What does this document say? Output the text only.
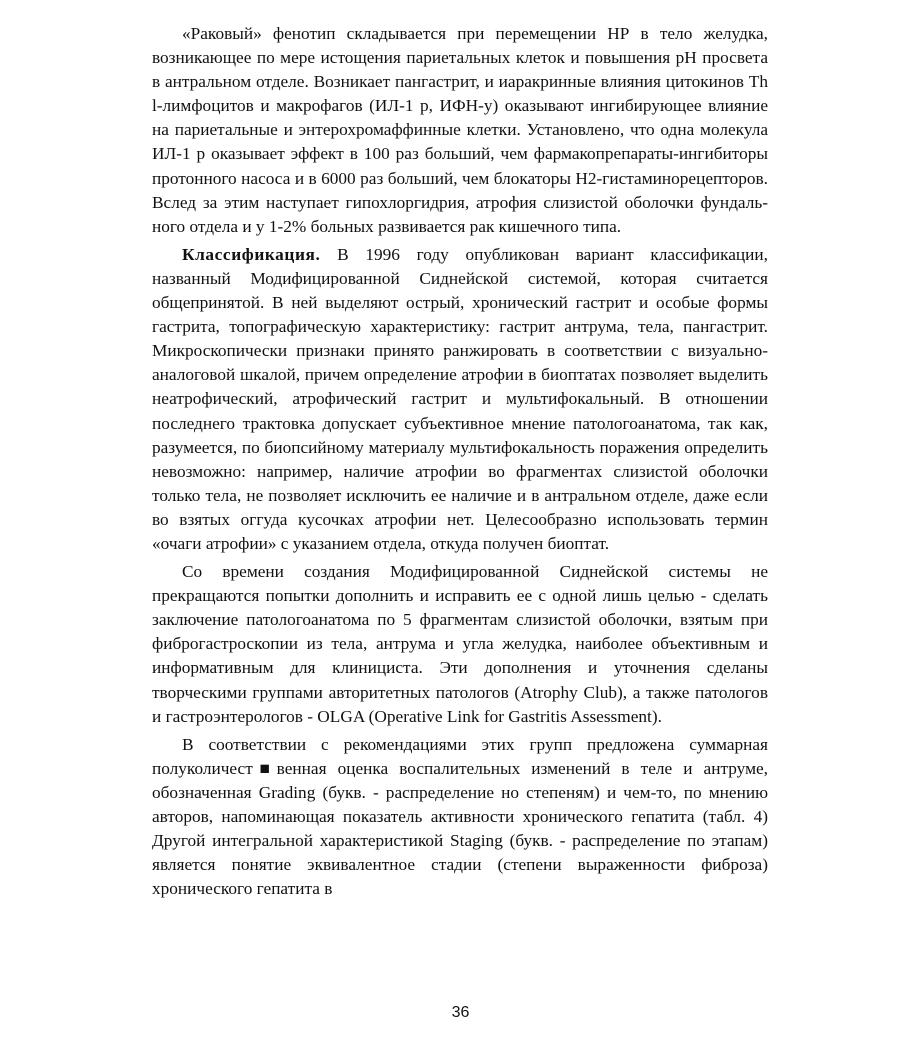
«Раковый» фенотип складывается при перемещении НР в тело желудка, возникающее по мере истощения париетальных клеток и повышения pH просвета в антральном отделе. Возникает пангастрит, и иаракринные влияния цитокинов Th l-лимфоцитов и макрофагов (ИЛ-1 р, ИФН-у) оказывают ингибирующее влияние на париетальные и энтерохромаффинные клетки. Установлено, что одна молекула ИЛ-1 р оказывает эффект в 100 раз больший, чем фармакопрепараты-ингибиторы протонного насоса и в 6000 раз больший, чем блокаторы Н2-гистаминорецепторов. Вслед за этим наступает гипохлоргидрия, атрофия слизистой оболочки фундального отдела и у 1-2% больных развивается рак кишечного типа.

Классификация. В 1996 году опубликован вариант классификации, названный Модифицированной Сиднейской системой, которая считается общепринятой. В ней выделяют острый, хронический гастрит и особые формы гастрита, топографическую характеристику: гастрит антрума, тела, пангастрит. Микроскопически признаки принято ранжировать в соответствии с визуально-аналоговой шкалой, причем определение атрофии в биоптатах позволяет выделить неатрофический, атрофический гастрит и мультифокальный. В отношении последнего трактовка допускает субъективное мнение патологоанатома, так как, разумеется, по биопсийному материалу мультифокальность поражения определить невозможно: например, наличие атрофии во фрагментах слизистой оболочки только тела, не позволяет исключить ее наличие и в антральном отделе, даже если во взятых оггуда кусочках атрофии нет. Целесообразно использовать термин «очаги атрофии» с указанием отдела, откуда получен биоптат.

Со времени создания Модифицированной Сиднейской системы не прекращаются попытки дополнить и исправить ее с одной лишь целью - сделать заключение патологоанатома по 5 фрагментам слизистой оболочки, взятым при фиброгастроскопии из тела, антрума и угла желудка, наиболее объективным и информативным для клинициста. Эти дополнения и уточнения сделаны творческими группами авторитетных патологов (Atrophy Club), а также патологов и гастроэнтерологов - OLGA (Operative Link for Gastritis Assessment).

В соответствии с рекомендациями этих групп предложена суммарная полуколичест■венная оценка воспалительных изменений в теле и антруме, обозначенная Grading (букв. - распределение но степеням) и чем-то, по мнению авторов, напоминающая показатель активности хронического гепатита (табл. 4) Другой интегральной характеристикой Staging (букв. - распределение по этапам) является понятие эквивалентное стадии (степени выраженности фиброза) хронического гепатита в

36
